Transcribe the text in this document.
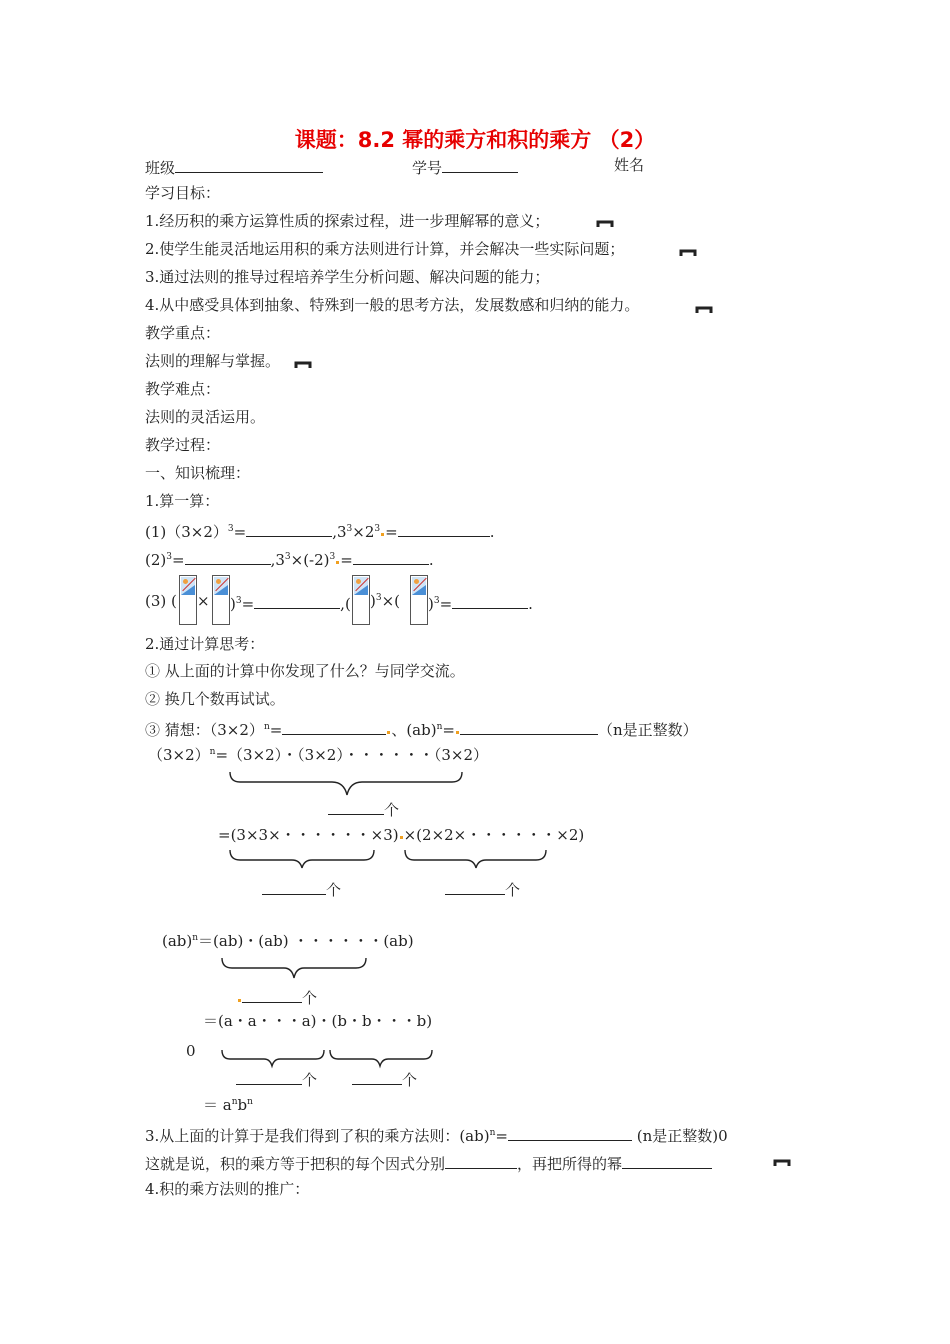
课题：8.2 幂的乘方和积的乘方 （2）
班级	学号	姓名
学习目标：
1.经历积的乘方运算性质的探索过程，进一步理解幂的意义；
2.使学生能灵活地运用积的乘方法则进行计算，并会解决一些实际问题；
3.通过法则的推导过程培养学生分析问题、解决问题的能力；
4.从中感受具体到抽象、特殊到一般的思考方法，发展数感和归纳的能力。
教学重点：
法则的理解与掌握。
教学难点：
法则的灵活运用。
教学过程：
一、知识梳理：
1.算一算：
$(1)(3\times 2)^3=$	$,3^3\times 2^3$ =	.
$(2)^3=$	$,3^3\times(-2)^3$ =	.
(3) ( × )$^3$=	,( )$^3$×( )$^3$=	.
2.通过计算思考：
① 从上面的计算中你发现了什么？与同学交流。
② 换几个数再试试。
③ 猜想：$(3\times 2)^n=$	、(ab)$^n$=	（n是正整数）
$(3\times 2)^n=(3\times 2)$・（3×2）・・・・・・（3×2）
个
=(3×3×・・・・・・×3) ×(2×2×・・・・・・×2)
个	个
(ab)$^n$＝(ab)・(ab) ・・・・・・(ab)
个
＝(a・a・・・a)・(b・b・・・b)
0
个	个
＝ $a^nb^n$
3.从上面的计算于是我们得到了积的乘方法则：(ab)$^n$=	(n是正整数)0
这就是说，积的乘方等于把积的每个因式分别	，再把所得的幂
4.积的乘方法则的推广：
